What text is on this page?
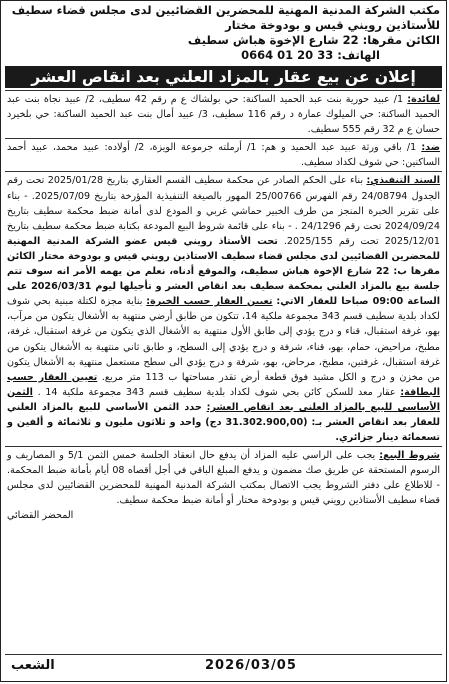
مكتب الشركة المدنية المهنية للمحضرين القضائيين لدى مجلس قضاء سطيف
للأستاذين رويني قيس و بودوخة مختار
الكائن مقرها: 22 شارع الإخوة هباش سطيف
الهاتف: 33 20 01 0664
إعلان عن بيع عقار بالمزاد العلني بعد انقاص العشر
لفائدة: 1/ عبيد حورية بنت عبد الحميد الساكنة: حي بولشاك ع م رقم 42 سطيف، 2/ عبيد نجاة بنت عبد الحميد الساكنة: حي الميلوك عمارة د رقم 116 سطيف، 3/ عبيد أمال بنت عبد الحميد الساكنة: حي بلخيرد حسان ع م 32 رقم 555 سطيف.
ضد: 1/ باقي ورثة عبيد عبد الحميد و هم: 1/ أرملته جرموعة الويزة، 2/ أولاده: عبيد محمد، عبيد أحمد الساكنين: حي شوف لكداد سطيف.
السند التنفيذي: بناء على الحكم الصادر عن محكمة سطيف القسم العقاري بتاريخ 2025/01/28 تحت رقم الجدول 24/08794 رقم الفهرس 25/00766 المهور بالصيغة التنفيذية المؤرخة بتاريخ 2025/07/09. - بناء على تقرير الخبرة المنجز من طرف الخبير حماشي غربي و المودع لدى أمانة ضبط محكمة سطيف بتاريخ 2024/09/24 تحت رقم 24/1296 . - بناء على قائمة شروط البيع المودعة بكتابة ضبط محكمة سطيف بتاريخ 2025/12/01 تحت رقم 2025/155. تحت الأستاذ رويني قيس عضو الشركة المدنية المهنية للمحضرين القضائيين لدى مجلس قضاء سطيف الاستاذين رويني قيس و بودوخة مختار الكائن مقرها ب: 22 شارع الإخوة هباش سطيف، والموقع أدناه، نعلم من يهمه الأمر انه سوف تتم جلسة بيع بالمزاد العلني بمحكمة سطيف بعد انقاص العشر و تأجيلها ليوم 2026/03/31 على الساعة 09:00 صباحا للعقار الاتي: تعيين العقار حسب الخبرة: بناية مجزة لكتلة مبنية بحي شوف لكداد بلدية سطيف قسم 343 مجموعة ملكية 14، تتكون من طابق أرضي منتهية به الأشغال يتكون من مرآب، بهو، غرفة استقبال، قناء و درج يؤدي إلى طابق الأول منتهية به الأشغال الذي يتكون من غرفة استقبال، غرفة، مطبخ، مراحيض، حمام، بهو، قناء، شرفة و درج يؤدي إلى السطح، و طابق ثاني منتهية به الأشغال يتكون من غرفة استقبال، غرفتين، مطبخ، مرحاض، بهو، شرفة و درج يؤدي الى سطح مستعمل منتهية به الأشغال يتكون من مخزن و درج و الكل مشيد فوق قطعة أرض تقدر مساحتها ب 113 متر مربع. تعيين العقار حسب البطاقة: عقار معد للسكن كائن بحي شوف لكداد بلدية سطيف قسم 343 مجموعة ملكية 14 . الثمن الأساسي للبيع بالمزاد العلني بعد انقاص العشر: حدد الثمن الأساسي للبيع بالمزاد العلني للعقار بعد انقاص العشر بـ: (31.302.900,00 دج) واحد و ثلاثون مليون و ثلاثمائة و ألفين و تسعمائة دينار جزائري.
شروط البيع: يجب على الراسي عليه المزاد أن يدفع حال انعقاد الجلسة خمس الثمن 5/1 و المصاريف و الرسوم المستحقة عن طريق صك مضمون و يدفع المبلغ الباقي في أجل أقصاه 08 أيام بأمانة ضبط المحكمة. - للاطلاع على دفتر الشروط يجب الاتصال بمكتب الشركة المدنية المهنية للمحضرين القضائيين لدى مجلس قضاء سطيف الأستاذين رويني قيس و بودوخة مختار أو أمانة ضبط محكمة سطيف.
المحضر القضائي
الشعب	2026/03/05
